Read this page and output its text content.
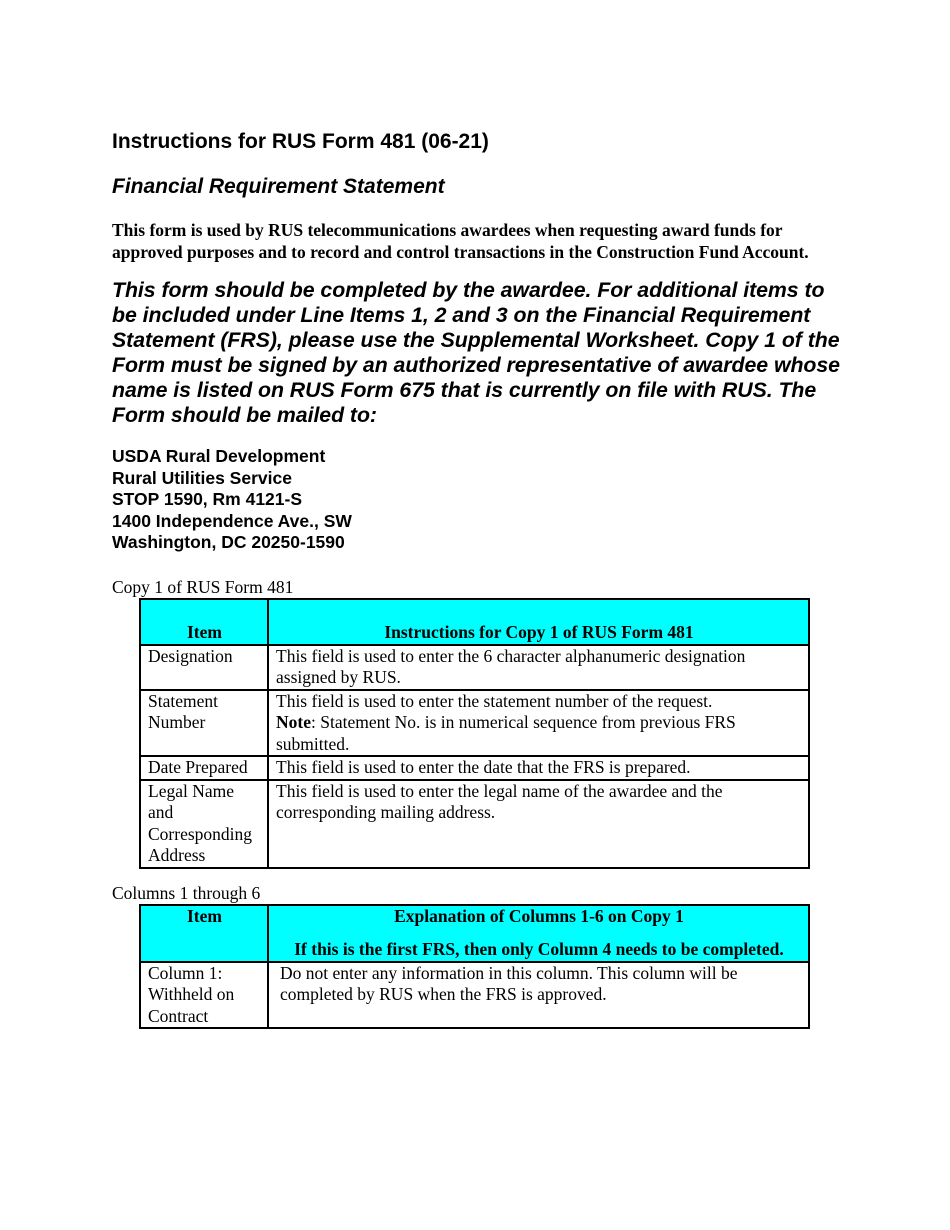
Instructions for RUS Form 481 (06-21)
Financial Requirement Statement

This form is used by RUS telecommunications awardees when requesting award funds for approved purposes and to record and control transactions in the Construction Fund Account.

This form should be completed by the awardee. For additional items to be included under Line Items 1, 2 and 3 on the Financial Requirement Statement (FRS), please use the Supplemental Worksheet. Copy 1 of the Form must be signed by an authorized representative of awardee whose name is listed on RUS Form 675 that is currently on file with RUS. The Form should be mailed to:

USDA Rural Development
Rural Utilities Service
STOP 1590, Rm 4121-S
1400 Independence Ave., SW
Washington, DC 20250-1590
Copy 1 of RUS Form 481
Item	Instructions for Copy 1 of RUS Form 481
Designation	This field is used to enter the 6 character alphanumeric designation assigned by RUS.
Statement Number	This field is used to enter the statement number of the request.
Note: Statement No. is in numerical sequence from previous FRS submitted.
Date Prepared	This field is used to enter the date that the FRS is prepared.
Legal Name and Corresponding Address	This field is used to enter the legal name of the awardee and the corresponding mailing address.
Columns 1 through 6
Item	Explanation of Columns 1-6 on Copy 1
If this is the first FRS, then only Column 4 needs to be completed.

Column 1: Withheld on Contract	Do not enter any information in this column. This column will be completed by RUS when the FRS is approved.
